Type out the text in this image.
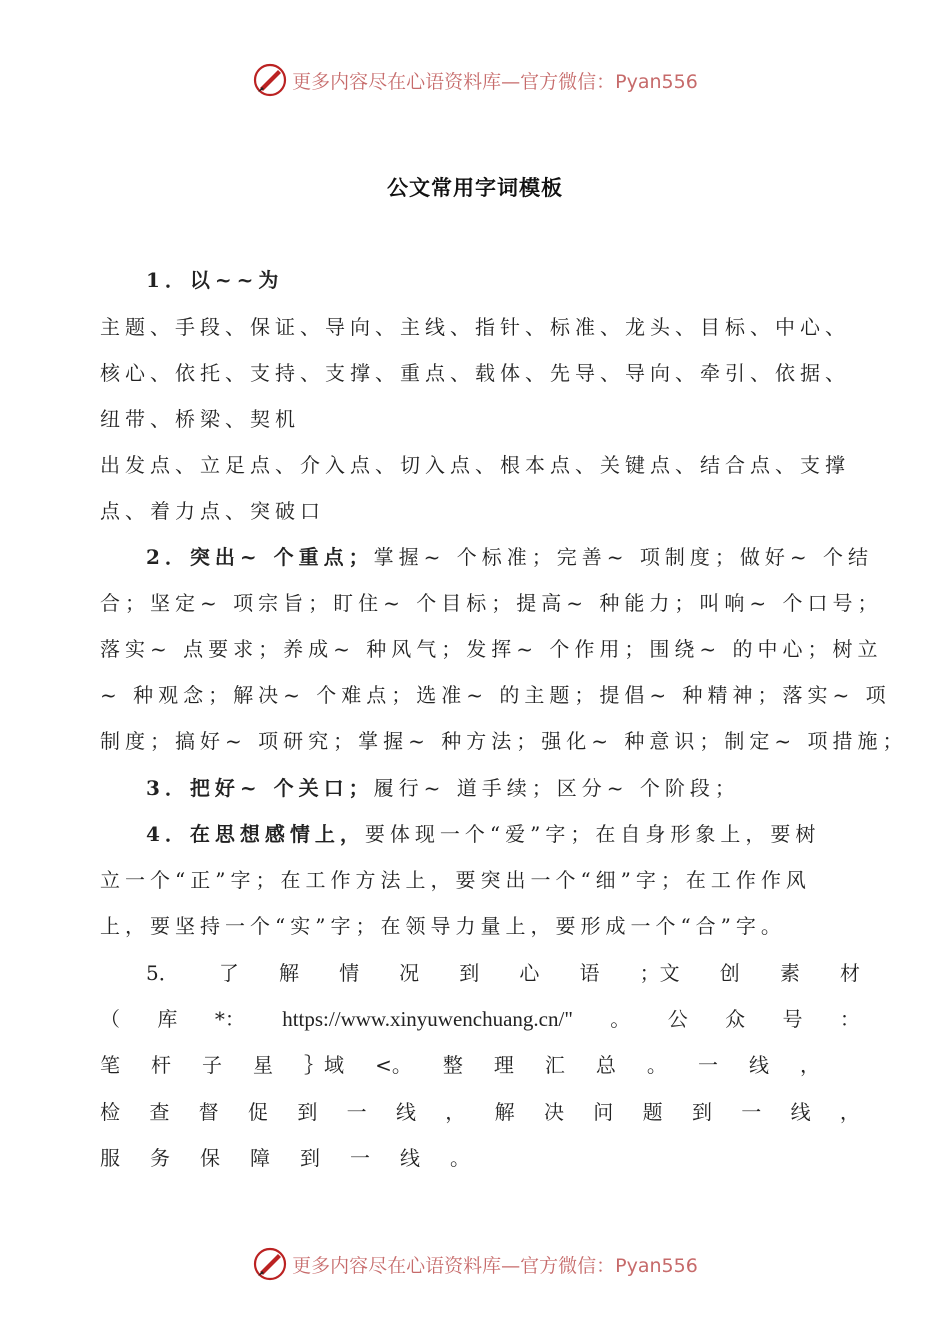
更多内容尽在心语资料库—官方微信：Pyan556
公文常用字词模板
1．以~~为
主题、手段、保证、导向、主线、指针、标准、龙头、目标、中心、
核心、依托、支持、支撑、重点、载体、先导、导向、牵引、依据、
纽带、桥梁、契机
出发点、立足点、介入点、切入点、根本点、关键点、结合点、支撑
点、着力点、突破口
2．突出~ 个重点；掌握~ 个标准；完善~ 项制度；做好~ 个结
合；坚定~ 项宗旨；盯住~ 个目标；提高~ 种能力；叫响~ 个口号；
落实~ 点要求；养成~ 种风气；发挥~ 个作用；围绕~ 的中心；树立
~ 种观念；解决~ 个难点；选准~ 的主题；提倡~ 种精神；落实~ 项
制度；搞好~ 项研究；掌握~ 种方法；强化~ 种意识；制定~ 项措施；
3．把好~ 个关口；履行~ 道手续；区分~ 个阶段；
4．在思想感情上，要体现一个“爱”字；在自身形象上，要树
立一个“正”字；在工作方法上，要突出一个“细”字；在工作作风
上，要坚持一个“实”字；在领导力量上，要形成一个“合”字。
5． 了 解 情 况 到 心 语 ；文 创 素 材
（ 库 *： https://www.xinyuwenchuang.cn/" 。 公 众 号 ：
笔 杆 子 星 ｝域 <。 整 理 汇 总 。 一 线 ，
检 查 督 促 到 一 线 ， 解 决 问 题 到 一 线 ，
服 务 保 障 到 一 线 。
更多内容尽在心语资料库—官方微信：Pyan556
